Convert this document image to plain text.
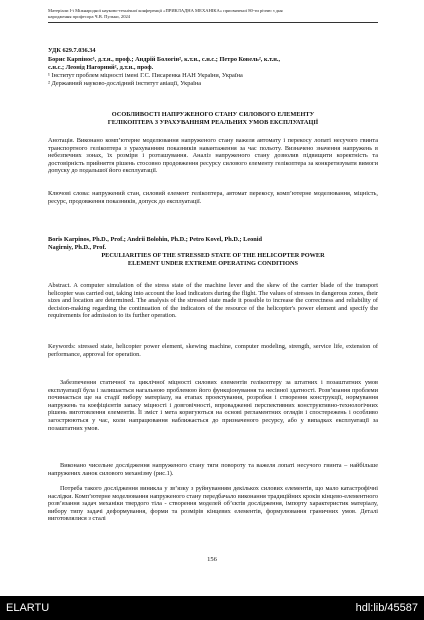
Матеріали I-ї Міжнародної науково-технічної конференції «ПРИКЛАДНА МЕХАНІКА» присвяченої 80-ти річчю з дня
народження професора Ч.В. Пульки, 2024

УДК 629.7.036.34

Борис Карпінос¹, д.т.н., проф.; Андрій Бологін², к.т.н., с.н.с.; Петро Ковель², к.т.н.,

с.н.с.; Леонід Нагорний², д.т.н., проф.

¹ Інститут проблем міцності імені Г.С. Писаренка НАН України, Україна

² Державний науково-дослідний інститут авіації, Україна

ОСОБЛИВОСТІ НАПРУЖЕНОГО СТАНУ СИЛОВОГО ЕЛЕМЕНТУ

ГЕЛІКОПТЕРА З УРАХУВАННЯМ РЕАЛЬНИХ УМОВ ЕКСПЛУАТАЦІЇ

Анотація. Виконано комп’ютерне моделювання напруженого стану важеля автомату і перекосу лопаті несучого гвинта транспортного гелікоптера з урахуванням показників навантаження за час польоту. Визначено значення напружень в небезпечних зонах, їх розміри і розташування. Аналіз напруженого стану дозволив підвищити коректність та достовірність прийняття рішень стосовно продовження ресурсу силового елементу гелікоптера за конкретизувати вимоги допуску до подальшої його експлуатації.

Ключові слова: напружений стан, силовий елемент гелікоптера, автомат перекосу, комп’ютерне моделювання, міцність, ресурс, продовження показників, допуск до експлуатації.

Boris Karpinos, Ph.D., Prof.; Andrii Bolohin, Ph.D.; Petro Kovel, Ph.D.; Leonid

Nagirniy, Ph.D., Prof.

PECULIARITIES OF THE STRESSED STATE OF THE HELICOPTER POWER

ELEMENT UNDER EXTREME OPERATING CONDITIONS

Abstract. A computer simulation of the stress state of the machine lever and the skew of the carrier blade of the transport helicopter was carried out, taking into account the load indicators during the flight. The values of stresses in dangerous zones, their sizes and location are determined. The analysis of the stressed state made it possible to increase the correctness and reliability of decision-making regarding the continuation of the indicators of the resource of the helicopter's power element and specify the requirements for admission to its further operation.

Keywords: stressed state, helicopter power element, skewing machine, computer modeling, strength, service life, extension of performance, approval for operation.

Забезпечення статичної та циклічної міцності силових елементів гелікоптеру за штатних і позаштатних умов експлуатації була і залишається нагальною проблемою його функціонування та несівної здатності. Розв’язання проблеми починається ще на стадії вибору матеріалу, на етапах проектування, розробки і створення конструкції, нормування напружень та коефіцієнтів запасу міцності і довговічності, впровадженні перспективних конструктивно-технологічних рішень виготовлення елементів. Її зміст і мета коригуються на основі регламентних оглядів і спостережень і особливо загострюються у час, коли напрацювання наближається до призначеного ресурсу, або у випадках експлуатації за позаштатних умов.

Виконано чисельне дослідження напруженого стану тяги повороту та важеля лопаті несучого гвинта – найбільше напружених ланок силового механізму (рис.1).

Потреба такого дослідження виникла у зв’язку з руйнуванням декількох силових елементів, що мало катастрофічні наслідки. Комп’ютерне моделювання напруженого стану передбачало виконання традиційних кроків кінцево-елементного розв’язання задач механіки твердого тіла - створення моделей об’єктів дослідження, імпорту характеристик матеріалу, вибору типу задачі деформування, форми та розмірів кінцевих елементів, формулювання граничних умов. Деталі виготовлялися з сталі

156
ELARTU	hdl:lib/45587
